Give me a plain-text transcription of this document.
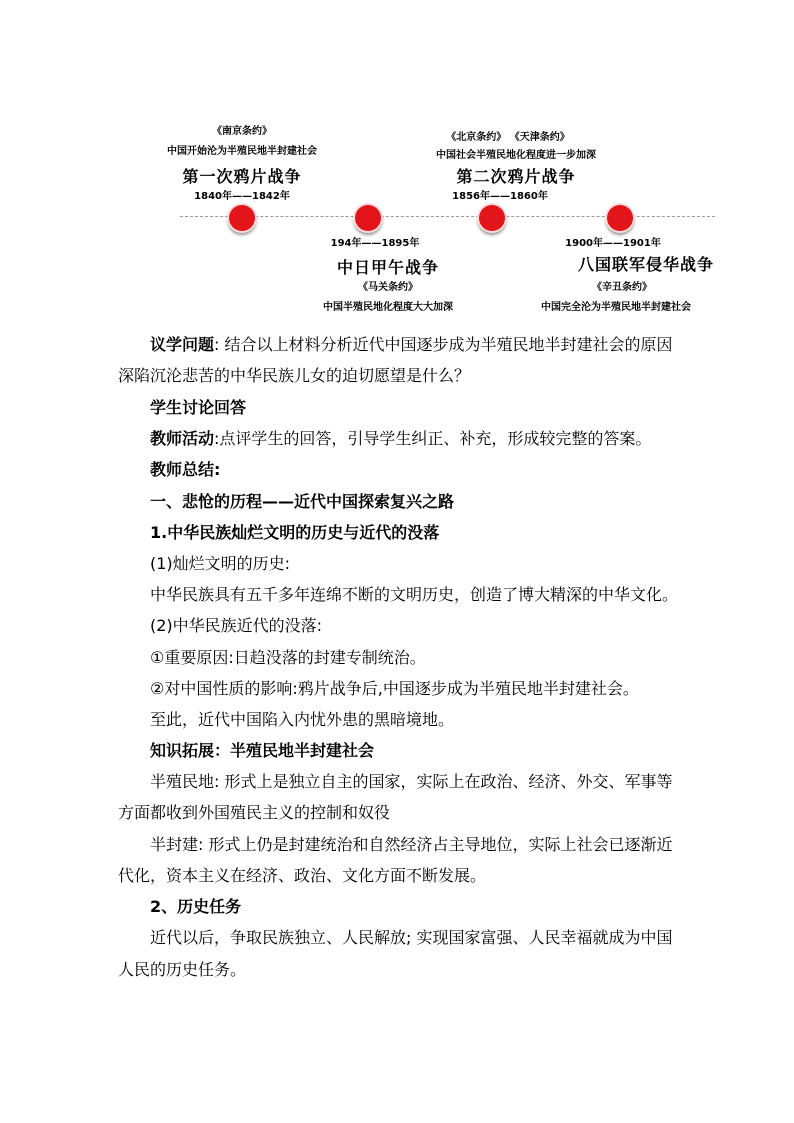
《南京条约》
中国开始沦为半殖民地半封建社会
第一次鸦片战争
1840年——1842年
194年——1895年
中日甲午战争
《马关条约》
中国半殖民地化程度大大加深
《北京条约》 《天津条约》
中国社会半殖民地化程度进一步加深
第二次鸦片战争
1856年——1860年
1900年——1901年
八国联军侵华战争
《辛丑条约》
中国完全沦为半殖民地半封建社会
议学问题: 结合以上材料分析近代中国逐步成为半殖民地半封建社会的原因
深陷沉沦悲苦的中华民族儿女的迫切愿望是什么？
学生讨论回答
教师活动:点评学生的回答，引导学生纠正、补充，形成较完整的答案。
教师总结:
一、悲怆的历程——近代中国探索复兴之路
1.中华民族灿烂文明的历史与近代的没落
(1)灿烂文明的历史:
中华民族具有五千多年连绵不断的文明历史，创造了博大精深的中华文化。
(2)中华民族近代的没落:
①重要原因:日趋没落的封建专制统治。
②对中国性质的影响:鸦片战争后,中国逐步成为半殖民地半封建社会。
至此，近代中国陷入内忧外患的黑暗境地。
知识拓展：半殖民地半封建社会
半殖民地: 形式上是独立自主的国家，实际上在政治、经济、外交、军事等
方面都收到外国殖民主义的控制和奴役
半封建: 形式上仍是封建统治和自然经济占主导地位，实际上社会已逐渐近
代化，资本主义在经济、政治、文化方面不断发展。
2、历史任务
近代以后，争取民族独立、人民解放; 实现国家富强、人民幸福就成为中国
人民的历史任务。
